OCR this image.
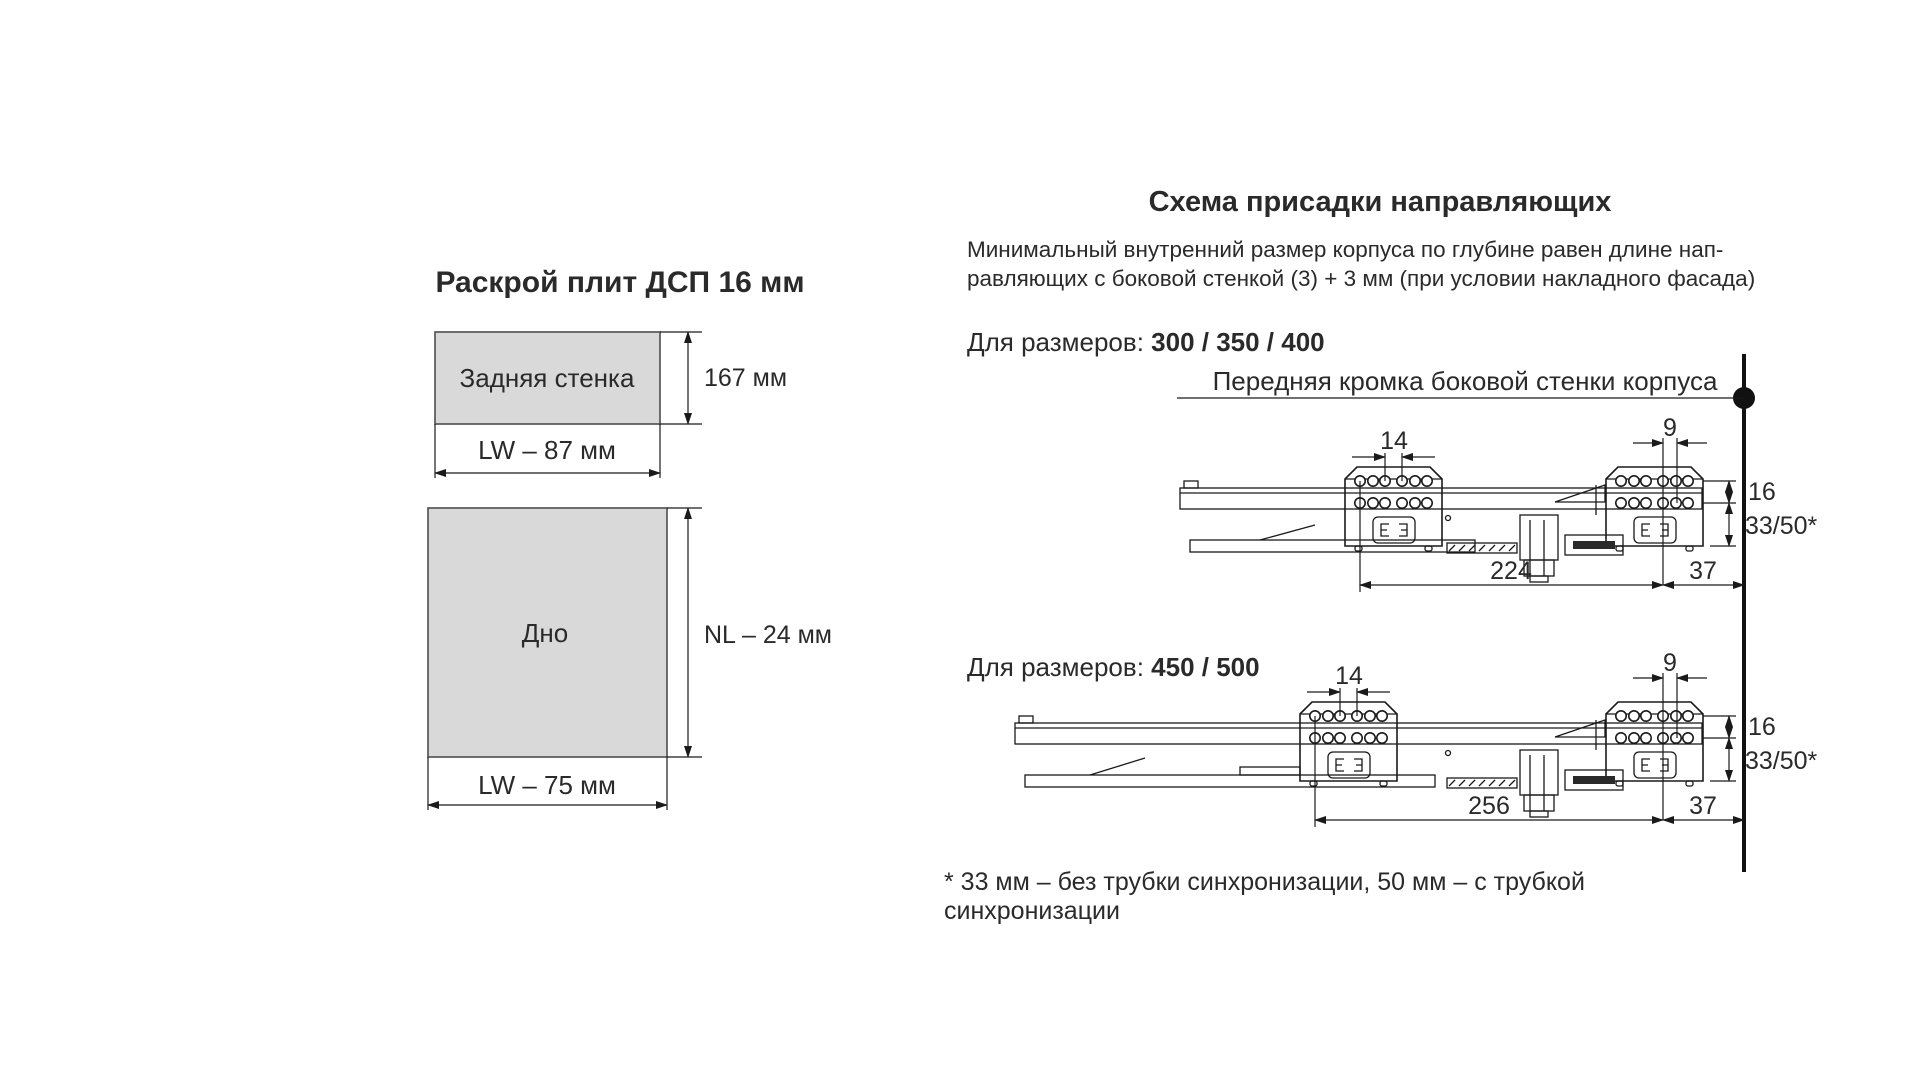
Раскрой плит ДСП 16 мм
Задняя стенка	167 мм
LW – 87 мм
Дно	NL – 24 мм
LW – 75 мм
Схема присадки направляющих
Минимальный внутренний размер корпуса по глубине равен длине нап-
равляющих с боковой стенкой (3) + 3 мм (при условии накладного фасада)
Для размеров: 300 / 350 / 400
Для размеров: 450 / 500
Передняя кромка боковой стенки корпуса
14	9
16
33/50*
224	37
14	9
16
33/50*
256	37
* 33 мм – без трубки синхронизации, 50 мм – с трубкой синхронизации
